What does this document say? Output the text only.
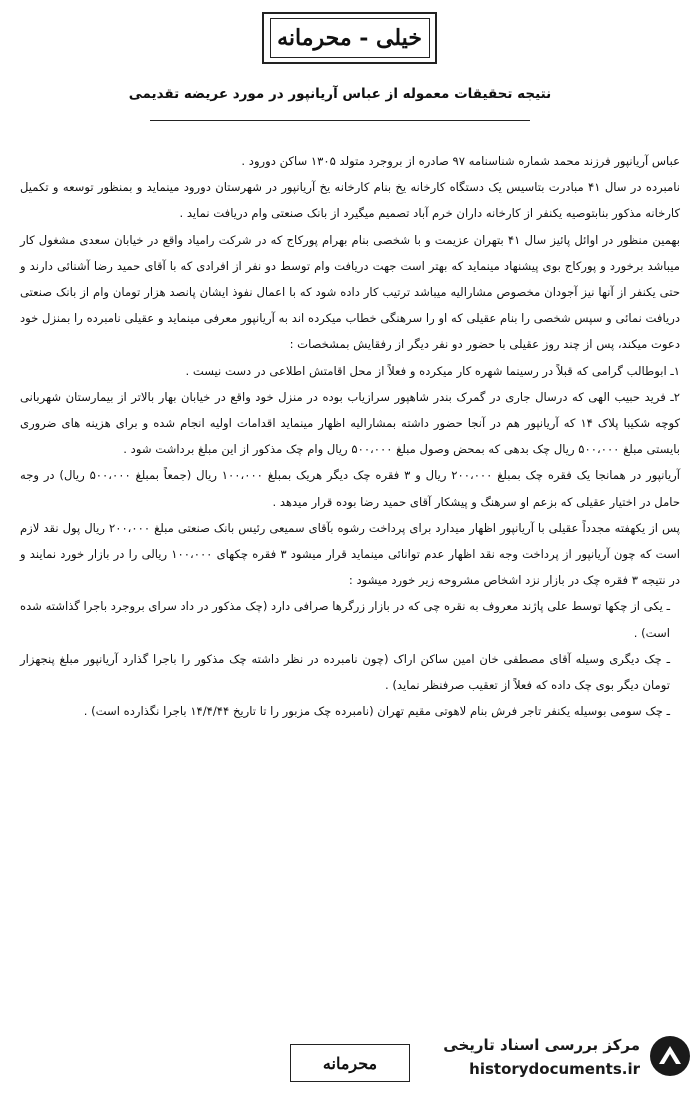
خیلی - محرمانه
نتیجه تحقیقات معموله از عباس آریانپور در مورد عریضه تقدیمی

عباس آریانپور فرزند محمد شماره شناسنامه ۹۷ صادره از بروجرد متولد ۱۳۰۵ ساکن دورود .

نامبرده در سال ۴۱ مبادرت بتاسیس یک دستگاه کارخانه یخ بنام کارخانه یخ آریانپور در شهرستان دورود مینماید و بمنظور توسعه و تکمیل کارخانه مذکور بنابتوصیه یکنفر از کارخانه داران خرم آباد تصمیم میگیرد از بانک صنعتی وام دریافت نماید .

بهمین منظور در اوائل پائیز سال ۴۱ بتهران عزیمت و با شخصی بنام بهرام پورکاج که در شرکت رامیاد واقع در خیابان سعدی مشغول کار میباشد برخورد و پورکاج بوی پیشنهاد مینماید که بهتر است جهت دریافت وام توسط دو نفر از افرادی که با آقای حمید رضا آشنائی دارند و حتی یکنفر از آنها نیز آجودان مخصوص مشارالیه میباشد ترتیب کار داده شود که با اعمال نفوذ ایشان پانصد هزار تومان وام از بانک صنعتی دریافت نمائی و سپس شخصی را بنام عقیلی که او را سرهنگی خطاب میکرده اند به آریانپور معرفی مینماید و عقیلی نامبرده را بمنزل خود دعوت میکند، پس از چند روز عقیلی با حضور دو نفر دیگر از رفقایش بمشخصات :

۱ـ ابوطالب گرامی که قبلاً در رسینما شهره کار میکرده و فعلاً از محل اقامتش اطلاعی در دست نیست .

۲ـ فرید حبیب الهی که درسال جاری در گمرک بندر شاهپور سرازیاب بوده در منزل خود واقع در خیابان بهار بالاتر از بیمارستان شهربانی کوچه شکیبا پلاک ۱۴ که آریانپور هم در آنجا حضور داشته بمشارالیه اظهار مینماید اقدامات اولیه انجام شده و برای هزینه های ضروری بایستی مبلغ ۵۰۰،۰۰۰ ریال چک بدهی که بمحض وصول مبلغ ۵۰۰،۰۰۰ ریال وام چک مذکور از این مبلغ برداشت شود .

آریانپور در همانجا یک فقره چک بمبلغ ۲۰۰،۰۰۰ ریال و ۳ فقره چک دیگر هریک بمبلغ ۱۰۰،۰۰۰ ریال (جمعاً بمبلغ ۵۰۰،۰۰۰ ریال) در وجه حامل در اختیار عقیلی که بزعم او سرهنگ و پیشکار آقای حمید رضا بوده قرار میدهد .

پس از یکهفته مجدداً عقیلی با آریانپور اظهار میدارد برای پرداخت رشوه بآقای سمیعی رئیس بانک صنعتی مبلغ ۲۰۰،۰۰۰ ریال پول نقد لازم است که چون آریانپور از پرداخت وجه نقد اظهار عدم توانائی مینماید قرار میشود ۳ فقره چکهای ۱۰۰،۰۰۰ ریالی را در بازار خورد نمایند و در نتیجه ۳ فقره چک در بازار نزد اشخاص مشروحه زیر خورد میشود :

ـ یکی از چکها توسط علی پاژند معروف به نقره چی که در بازار زرگرها صرافی دارد (چک مذکور در داد سرای بروجرد باجرا گذاشته شده است) .

ـ چک دیگری وسیله آقای مصطفی خان امین ساکن اراک (چون نامبرده در نظر داشته چک مذکور را باجرا گذارد آریانپور مبلغ پنجهزار تومان دیگر بوی چک داده که فعلاً از تعقیب صرفنظر نماید) .

ـ چک سومی بوسیله یکنفر تاجر فرش بنام لاهوتی مقیم تهران (نامبرده چک مزبور را تا تاریخ ۱۴/۴/۴۴ باجرا نگذارده است) .

محرمانه
مرکز بررسی اسناد تاریخی
historydocuments.ir
